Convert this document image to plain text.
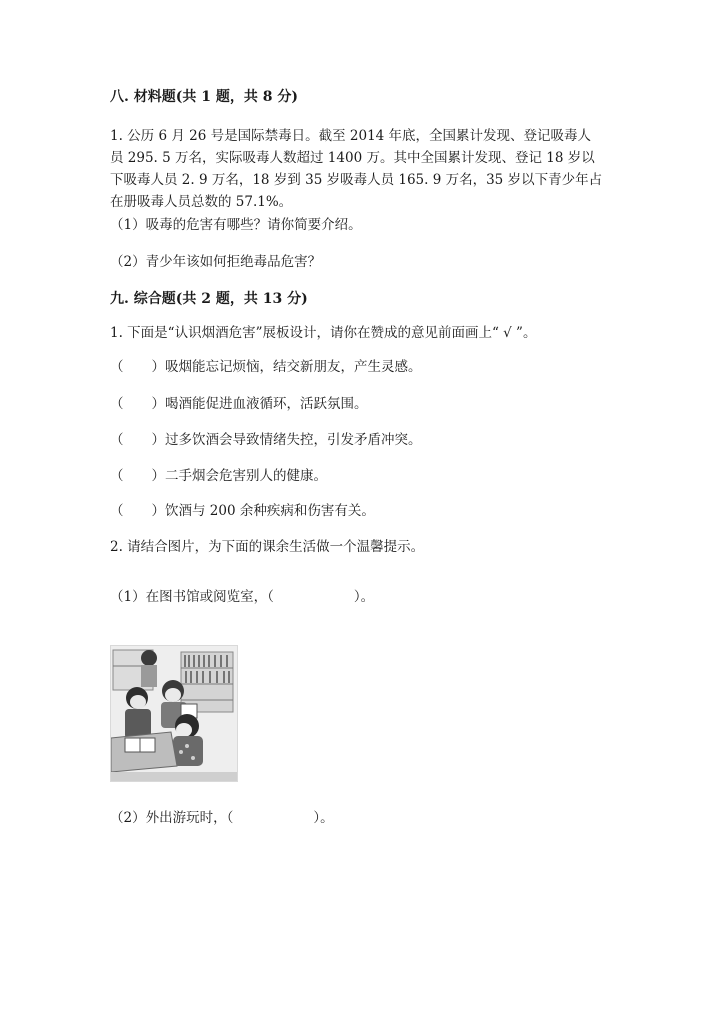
八. 材料题(共 1 题，共 8 分)
1. 公历 6 月 26 号是国际禁毒日。截至 2014 年底，全国累计发现、登记吸毒人
员 295. 5 万名，实际吸毒人数超过 1400 万。其中全国累计发现、登记 18 岁以
下吸毒人员 2. 9 万名，18 岁到 35 岁吸毒人员 165. 9 万名，35 岁以下青少年占
在册吸毒人员总数的 57.1%。
（1）吸毒的危害有哪些？请你简要介绍。
（2）青少年该如何拒绝毒品危害？
九. 综合题(共 2 题，共 13 分)
1. 下面是“认识烟酒危害”展板设计，请你在赞成的意见前面画上“ √ ”。
（ ）吸烟能忘记烦恼，结交新朋友，产生灵感。
（ ）喝酒能促进血液循环，活跃氛围。
（ ）过多饮酒会导致情绪失控，引发矛盾冲突。
（ ）二手烟会危害别人的健康。
（ ）饮酒与 200 余种疾病和伤害有关。
2. 请结合图片，为下面的课余生活做一个温馨提示。
（1）在图书馆或阅览室，（	）。
（2）外出游玩时，（	）。
